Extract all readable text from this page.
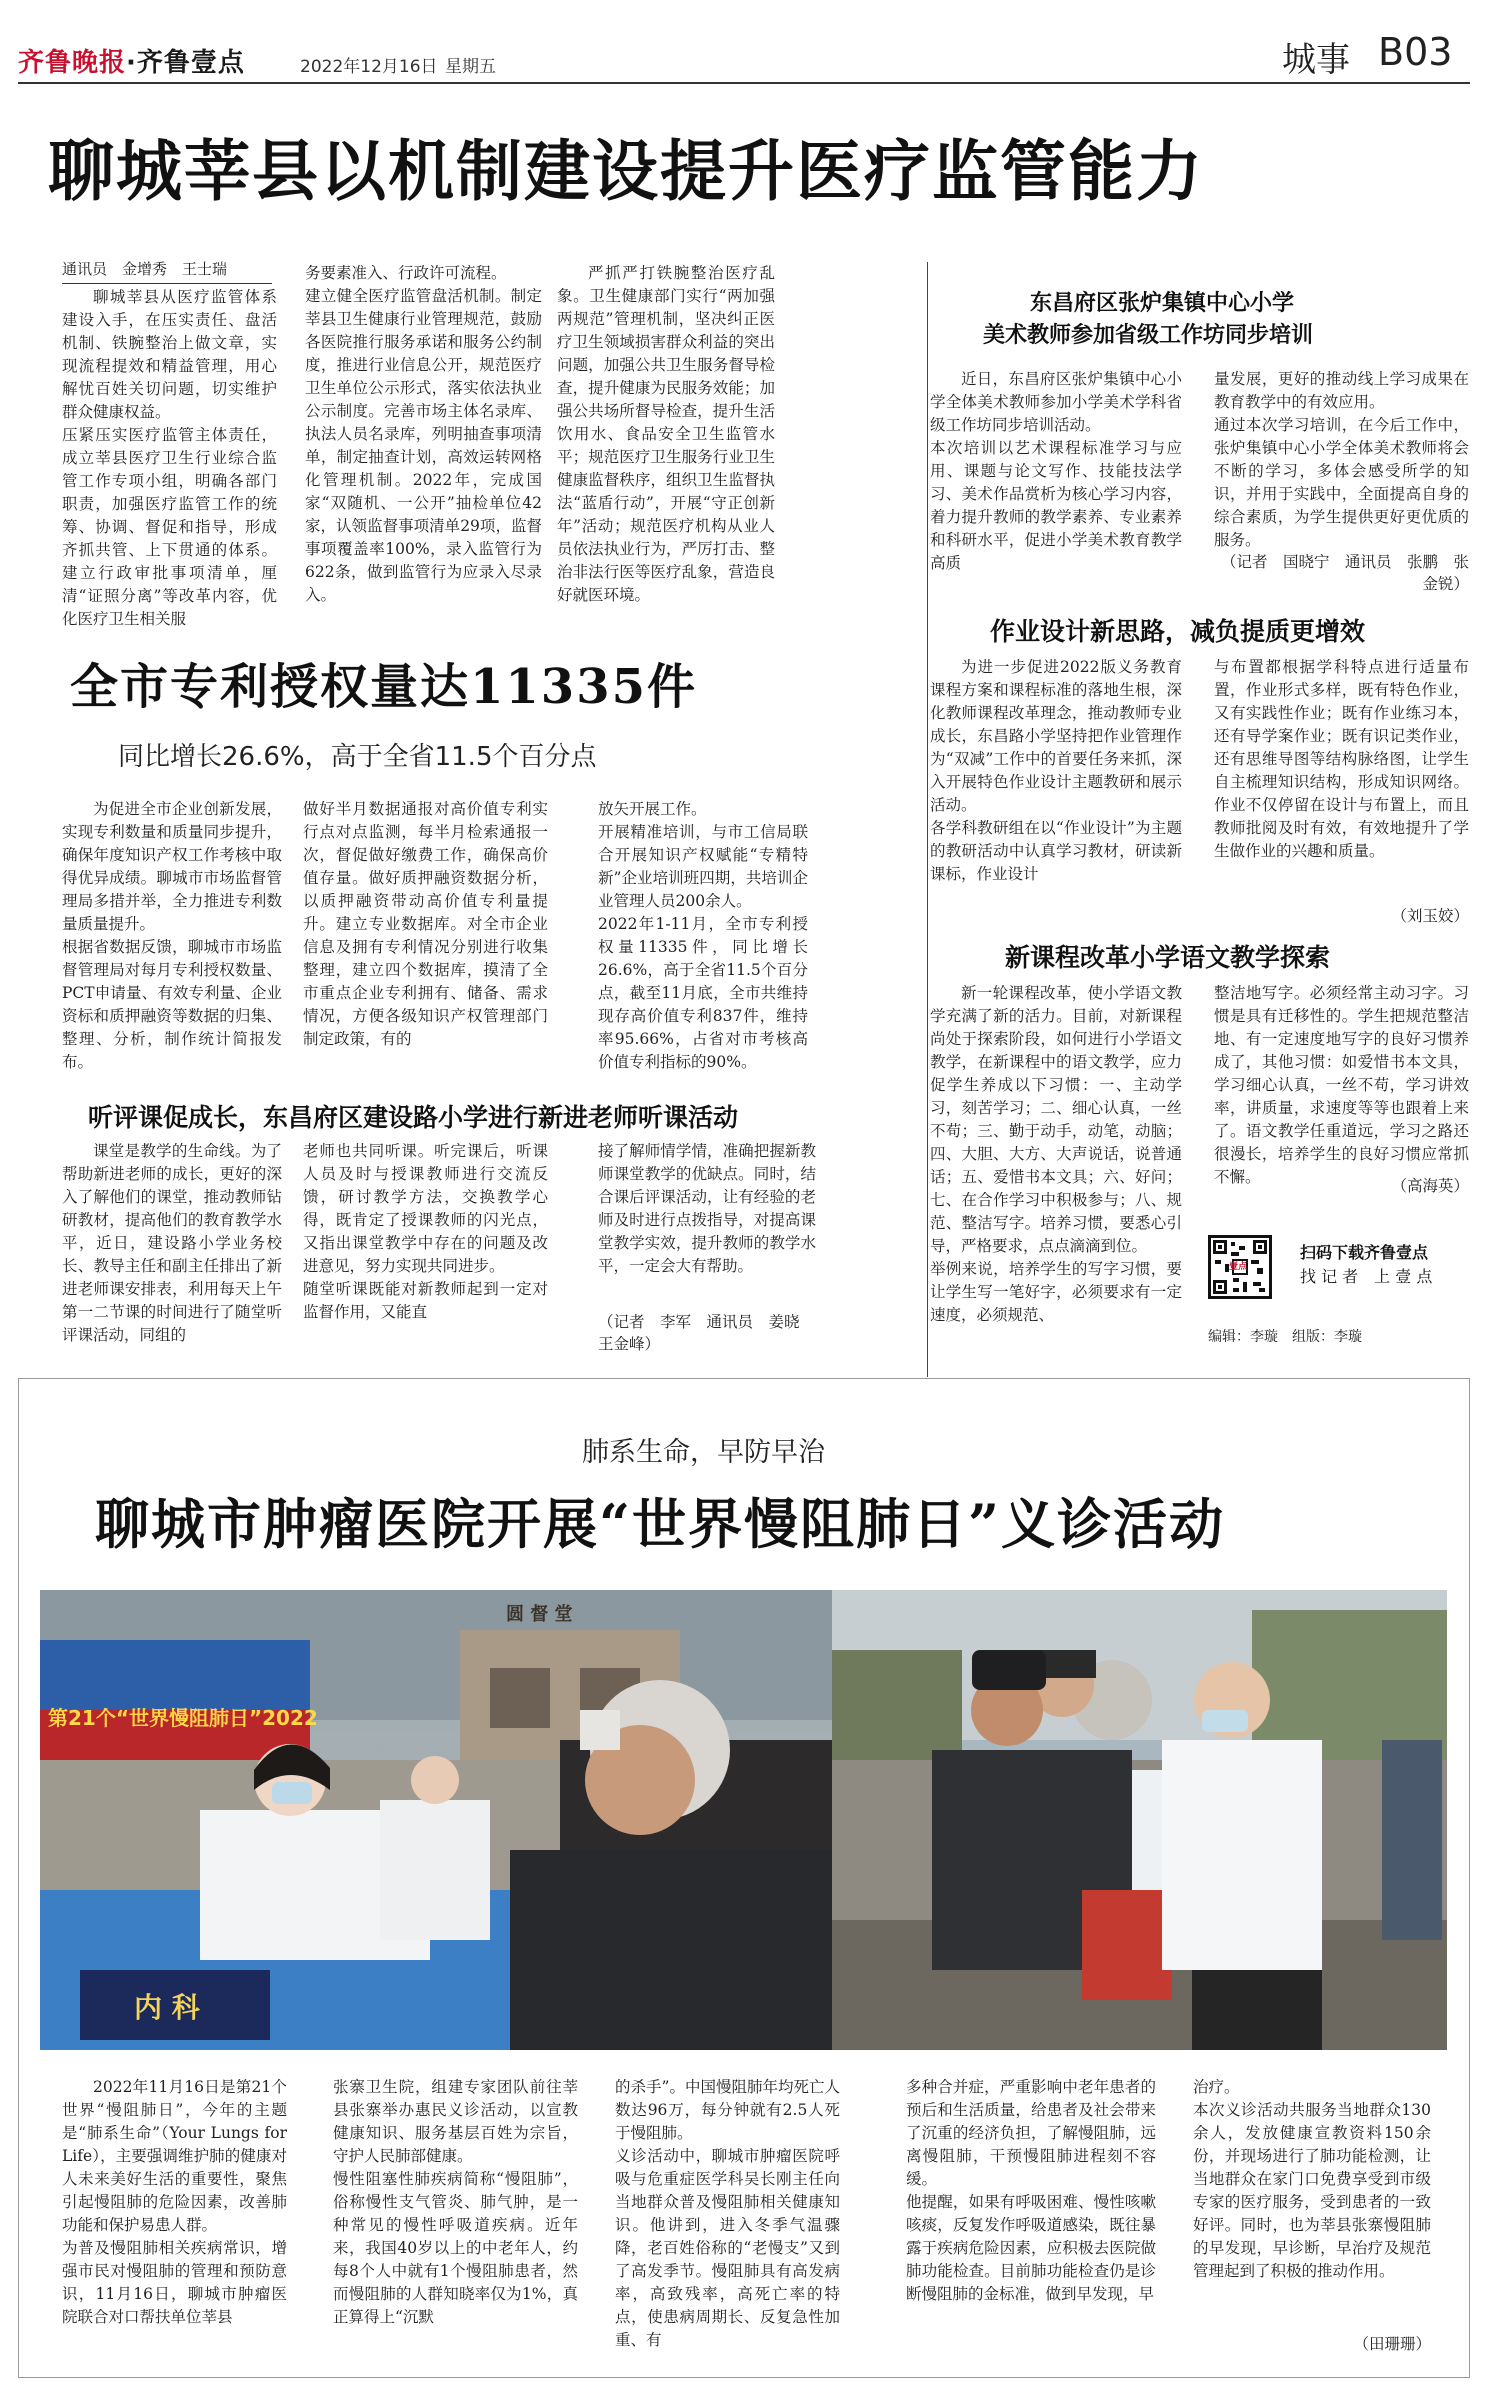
齐鲁晚报·齐鲁壹点	2022年12月16日 星期五	城事 B03
聊城莘县以机制建设提升医疗监管能力
通讯员　金增秀　王士瑞
聊城莘县从医疗监管体系建设入手，在压实责任、盘活机制、铁腕整治上做文章，实现流程提效和精益管理，用心解忧百姓关切问题，切实维护群众健康权益。
压紧压实医疗监管主体责任，成立莘县医疗卫生行业综合监管工作专项小组，明确各部门职责，加强医疗监管工作的统筹、协调、督促和指导，形成齐抓共管、上下贯通的体系。建立行政审批事项清单，厘清“证照分离”等改革内容，优化医疗卫生相关服
务要素准入、行政许可流程。
建立健全医疗监管盘活机制。制定莘县卫生健康行业管理规范，鼓励各医院推行服务承诺和服务公约制度，推进行业信息公开，规范医疗卫生单位公示形式，落实依法执业公示制度。完善市场主体名录库、执法人员名录库，列明抽查事项清单，制定抽查计划，高效运转网格化管理机制。2022年，完成国家“双随机、一公开”抽检单位42家，认领监督事项清单29项，监督事项覆盖率100%，录入监管行为622条，做到监管行为应录入尽录入。
严抓严打铁腕整治医疗乱象。卫生健康部门实行“两加强两规范”管理机制，坚决纠正医疗卫生领域损害群众利益的突出问题，加强公共卫生服务督导检查，提升健康为民服务效能；加强公共场所督导检查，提升生活饮用水、食品安全卫生监管水平；规范医疗卫生服务行业卫生健康监督秩序，组织卫生监督执法“蓝盾行动”，开展“守正创新年”活动；规范医疗机构从业人员依法执业行为，严厉打击、整治非法行医等医疗乱象，营造良好就医环境。
全市专利授权量达11335件
同比增长26.6%，高于全省11.5个百分点
为促进全市企业创新发展，实现专利数量和质量同步提升，确保年度知识产权工作考核中取得优异成绩。聊城市市场监督管理局多措并举，全力推进专利数量质量提升。
根据省数据反馈，聊城市市场监督管理局对每月专利授权数量、PCT申请量、有效专利量、企业资标和质押融资等数据的归集、整理、分析，制作统计简报发布。
做好半月数据通报对高价值专利实行点对点监测，每半月检索通报一次，督促做好缴费工作，确保高价值存量。做好质押融资数据分析，以质押融资带动高价值专利量提升。建立专业数据库。对全市企业信息及拥有专利情况分别进行收集整理，建立四个数据库，摸清了全市重点企业专利拥有、储备、需求情况，方便各级知识产权管理部门制定政策，有的
放矢开展工作。
开展精准培训，与市工信局联合开展知识产权赋能“专精特新”企业培训班四期，共培训企业管理人员200余人。
2022年1-11月，全市专利授权量11335件，同比增长26.6%，高于全省11.5个百分点，截至11月底，全市共维持现存高价值专利837件，维持率95.66%，占省对市考核高价值专利指标的90%。
听评课促成长，东昌府区建设路小学进行新进老师听课活动
课堂是教学的生命线。为了帮助新进老师的成长，更好的深入了解他们的课堂，推动教师钻研教材，提高他们的教育教学水平，近日，建设路小学业务校长、教导主任和副主任排出了新进老师课安排表，利用每天上午第一二节课的时间进行了随堂听评课活动，同组的
老师也共同听课。听完课后，听课人员及时与授课教师进行交流反馈，研讨教学方法，交换教学心得，既肯定了授课教师的闪光点，又指出课堂教学中存在的问题及改进意见，努力实现共同进步。
随堂听课既能对新教师起到一定对监督作用，又能直
接了解师情学情，准确把握新教师课堂教学的优缺点。同时，结合课后评课活动，让有经验的老师及时进行点拨指导，对提高课堂教学实效，提升教师的教学水平，一定会大有帮助。
（记者　李军　通讯员　姜晓　王金峰）
东昌府区张炉集镇中心小学
美术教师参加省级工作坊同步培训
近日，东昌府区张炉集镇中心小学全体美术教师参加小学美术学科省级工作坊同步培训活动。
本次培训以艺术课程标准学习与应用、课题与论文写作、技能技法学习、美术作品赏析为核心学习内容，着力提升教师的教学素养、专业素养和科研水平，促进小学美术教育教学高质
量发展，更好的推动线上学习成果在教育教学中的有效应用。
通过本次学习培训，在今后工作中，张炉集镇中心小学全体美术教师将会不断的学习，多体会感受所学的知识，并用于实践中，全面提高自身的综合素质，为学生提供更好更优质的服务。
（记者　国晓宁　通讯员　张鹏　张金锐）
作业设计新思路，减负提质更增效
为进一步促进2022版义务教育课程方案和课程标准的落地生根，深化教师课程改革理念，推动教师专业成长，东昌路小学坚持把作业管理作为“双减”工作中的首要任务来抓，深入开展特色作业设计主题教研和展示活动。
各学科教研组在以“作业设计”为主题的教研活动中认真学习教材，研读新课标，作业设计
与布置都根据学科特点进行适量布置，作业形式多样，既有特色作业，又有实践性作业；既有作业练习本，还有导学案作业；既有识记类作业，还有思维导图等结构脉络图，让学生自主梳理知识结构，形成知识网络。作业不仅停留在设计与布置上，而且教师批阅及时有效，有效地提升了学生做作业的兴趣和质量。
（刘玉姣）
新课程改革小学语文教学探索
新一轮课程改革，使小学语文教学充满了新的活力。目前，对新课程尚处于探索阶段，如何进行小学语文教学，在新课程中的语文教学，应力促学生养成以下习惯：一、主动学习，刻苦学习；二、细心认真，一丝不苟；三、勤于动手，动笔，动脑；四、大胆、大方、大声说话，说普通话；五、爱惜书本文具；六、好问；七、在合作学习中积极参与；八、规范、整洁写字。培养习惯，要悉心引导，严格要求，点点滴滴到位。
举例来说，培养学生的写字习惯，要让学生写一笔好字，必须要求有一定速度，必须规范、
整洁地写字。必须经常主动习字。习惯是具有迁移性的。学生把规范整洁地、有一定速度地写字的良好习惯养成了，其他习惯：如爱惜书本文具，学习细心认真，一丝不苟，学习讲效率，讲质量，求速度等等也跟着上来了。语文教学任重道远，学习之路还很漫长，培养学生的良好习惯应常抓不懈。	（高海英）
壹点
扫码下载齐鲁壹点
找 记 者　上 壹 点
编辑：李璇　组版：李璇
肺系生命，早防早治
聊城市肿瘤医院开展“世界慢阻肺日”义诊活动
第21个“世界慢阻肺日”2022
内 科
圆 督 堂
2022年11月16日是第21个世界“慢阻肺日”，今年的主题是“肺系生命”（Your Lungs for Life），主要强调维护肺的健康对人未来美好生活的重要性，聚焦引起慢阻肺的危险因素，改善肺功能和保护易患人群。
为普及慢阻肺相关疾病常识，增强市民对慢阻肺的管理和预防意识，11月16日，聊城市肿瘤医院联合对口帮扶单位莘县
张寨卫生院，组建专家团队前往莘县张寨举办惠民义诊活动，以宣教健康知识、服务基层百姓为宗旨，守护人民肺部健康。
慢性阻塞性肺疾病简称“慢阻肺”，俗称慢性支气管炎、肺气肿，是一种常见的慢性呼吸道疾病。近年来，我国40岁以上的中老年人，约每8个人中就有1个慢阻肺患者，然而慢阻肺的人群知晓率仅为1%，真正算得上“沉默
的杀手”。中国慢阻肺年均死亡人数达96万，每分钟就有2.5人死于慢阻肺。
义诊活动中，聊城市肿瘤医院呼吸与危重症医学科吴长刚主任向当地群众普及慢阻肺相关健康知识。他讲到，进入冬季气温骤降，老百姓俗称的“老慢支”又到了高发季节。慢阻肺具有高发病率，高致残率，高死亡率的特点，使患病周期长、反复急性加重、有
多种合并症，严重影响中老年患者的预后和生活质量，给患者及社会带来了沉重的经济负担，了解慢阻肺，远离慢阻肺，干预慢阻肺进程刻不容缓。
他提醒，如果有呼吸困难、慢性咳嗽咳痰，反复发作呼吸道感染，既往暴露于疾病危险因素，应积极去医院做肺功能检查。目前肺功能检查仍是诊断慢阻肺的金标准，做到早发现，早
治疗。
本次义诊活动共服务当地群众130余人，发放健康宣教资料150余份，并现场进行了肺功能检测，让当地群众在家门口免费享受到市级专家的医疗服务，受到患者的一致好评。同时，也为莘县张寨慢阻肺的早发现，早诊断，早治疗及规范管理起到了积极的推动作用。
（田珊珊）
